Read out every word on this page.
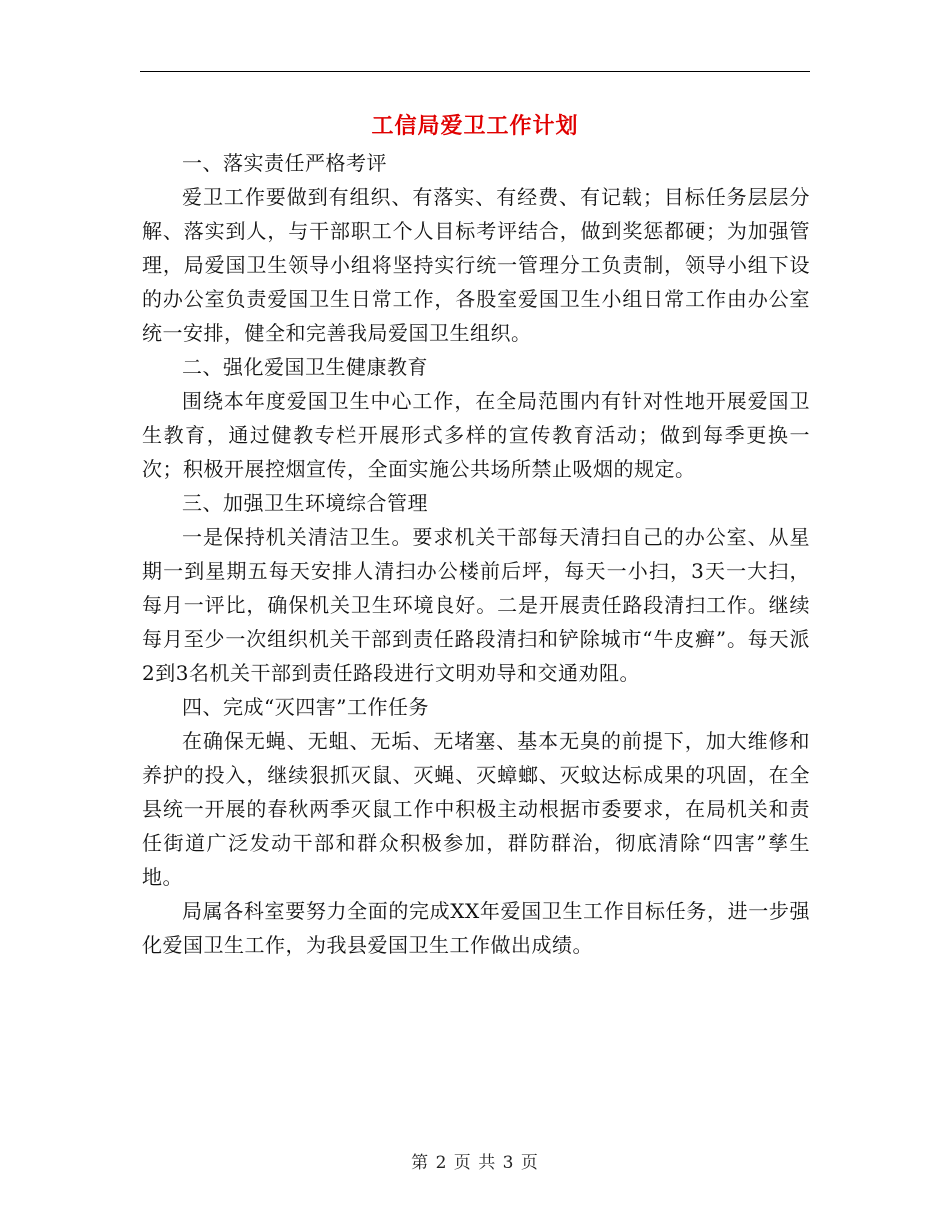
工信局爱卫工作计划

一、落实责任严格考评

爱卫工作要做到有组织、有落实、有经费、有记载；目标任务层层分解、落实到人，与干部职工个人目标考评结合，做到奖惩都硬；为加强管理，局爱国卫生领导小组将坚持实行统一管理分工负责制，领导小组下设的办公室负责爱国卫生日常工作，各股室爱国卫生小组日常工作由办公室统一安排，健全和完善我局爱国卫生组织。

二、强化爱国卫生健康教育

围绕本年度爱国卫生中心工作，在全局范围内有针对性地开展爱国卫生教育，通过健教专栏开展形式多样的宣传教育活动；做到每季更换一次；积极开展控烟宣传，全面实施公共场所禁止吸烟的规定。

三、加强卫生环境综合管理

一是保持机关清洁卫生。要求机关干部每天清扫自己的办公室、从星期一到星期五每天安排人清扫办公楼前后坪，每天一小扫，3天一大扫，每月一评比，确保机关卫生环境良好。二是开展责任路段清扫工作。继续每月至少一次组织机关干部到责任路段清扫和铲除城市“牛皮癣”。每天派2到3名机关干部到责任路段进行文明劝导和交通劝阻。

四、完成“灭四害”工作任务

在确保无蝇、无蛆、无垢、无堵塞、基本无臭的前提下，加大维修和养护的投入，继续狠抓灭鼠、灭蝇、灭蟑螂、灭蚊达标成果的巩固，在全县统一开展的春秋两季灭鼠工作中积极主动根据市委要求，在局机关和责任街道广泛发动干部和群众积极参加，群防群治，彻底清除“四害”孳生地。

局属各科室要努力全面的完成XX年爱国卫生工作目标任务，进一步强化爱国卫生工作，为我县爱国卫生工作做出成绩。

第 2 页 共 3 页
